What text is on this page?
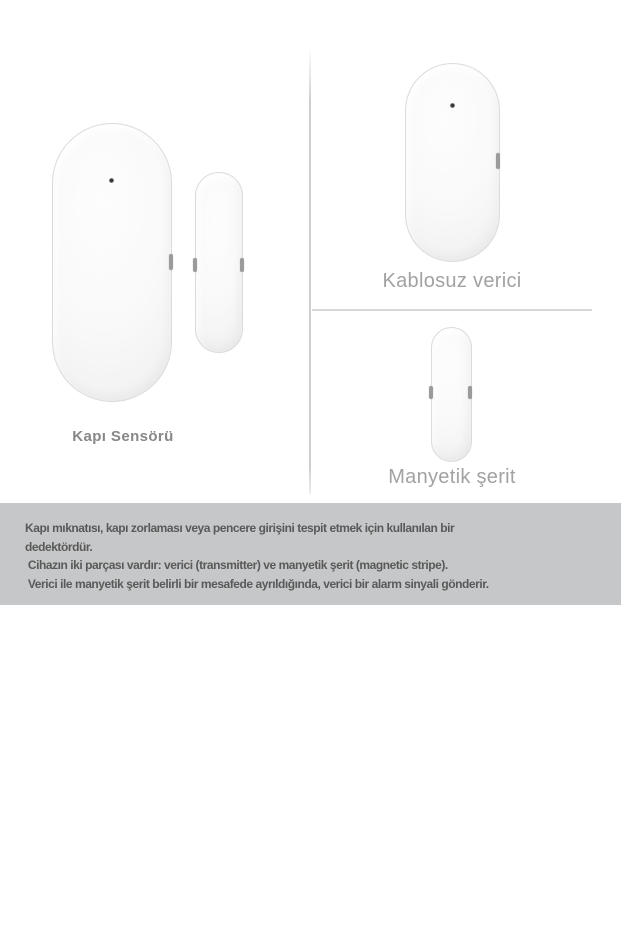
Kapı Sensörü
Kablosuz verici
Manyetik şerit
Kapı mıknatısı, kapı zorlaması veya pencere girişini tespit etmek için kullanılan bir
dedektördür.
Cihazın iki parçası vardır: verici (transmitter) ve manyetik şerit (magnetic stripe).
Verici ile manyetik şerit belirli bir mesafede ayrıldığında, verici bir alarm sinyali gönderir.
